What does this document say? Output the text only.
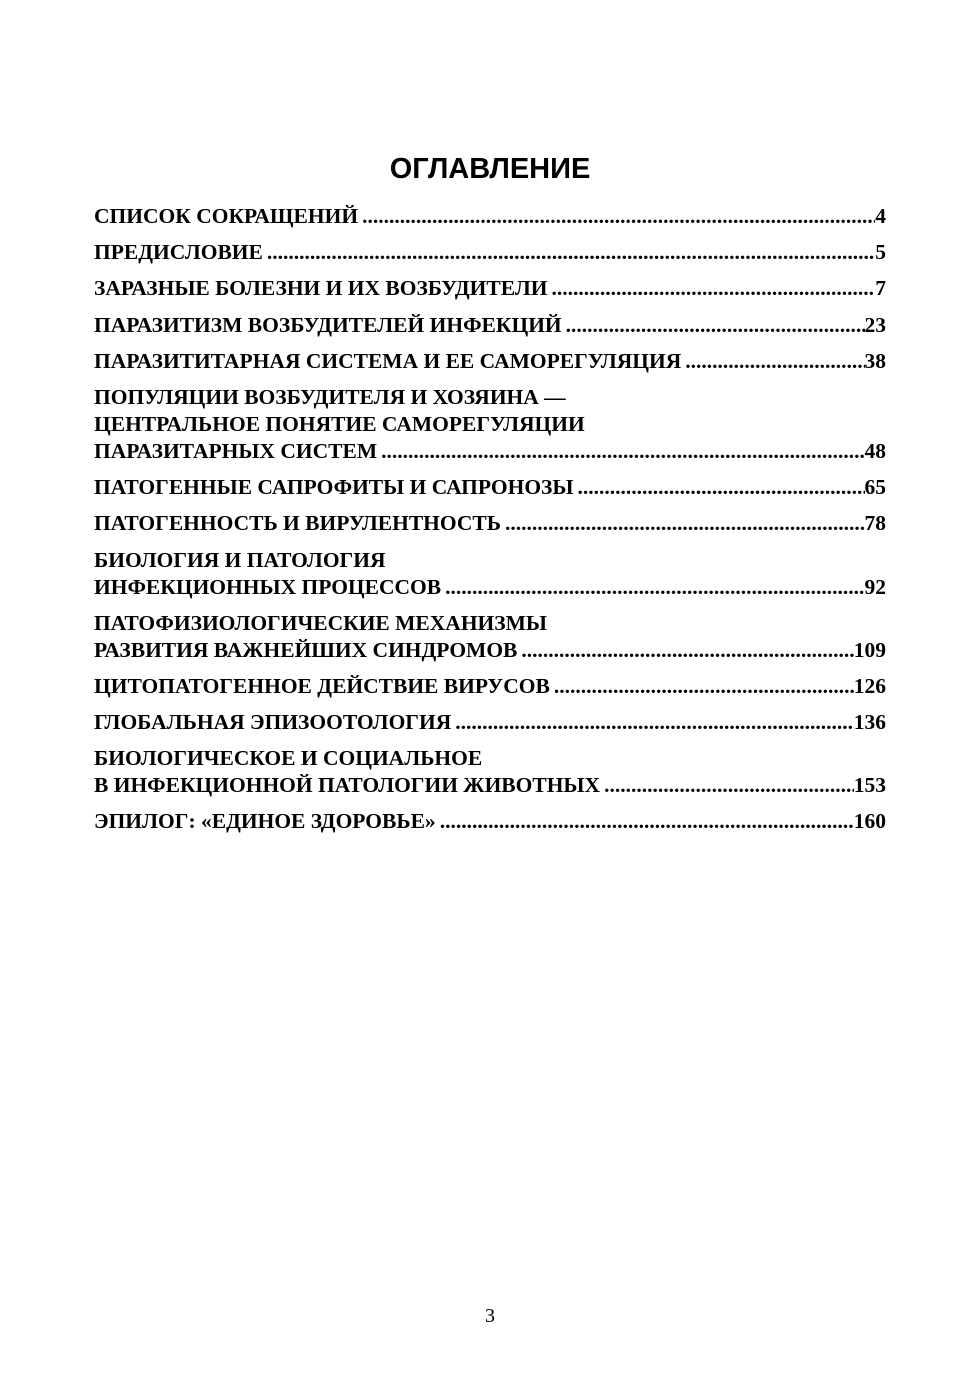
ОГЛАВЛЕНИЕ
СПИСОК СОКРАЩЕНИЙ .....	4
ПРЕДИСЛОВИЕ .....	5
ЗАРАЗНЫЕ БОЛЕЗНИ И ИХ ВОЗБУДИТЕЛИ .....	7
ПАРАЗИТИЗМ ВОЗБУДИТЕЛЕЙ ИНФЕКЦИЙ .....	23
ПАРАЗИТИТАРНАЯ СИСТЕМА И ЕЕ САМОРЕГУЛЯЦИЯ .....	38
ПОПУЛЯЦИИ ВОЗБУДИТЕЛЯ И ХОЗЯИНА —
ЦЕНТРАЛЬНОЕ ПОНЯТИЕ САМОРЕГУЛЯЦИИ
ПАРАЗИТАРНЫХ СИСТЕМ .....	48
ПАТОГЕННЫЕ САПРОФИТЫ И САПРОНОЗЫ .....	65
ПАТОГЕННОСТЬ И ВИРУЛЕНТНОСТЬ .....	78
БИОЛОГИЯ И ПАТОЛОГИЯ
ИНФЕКЦИОННЫХ ПРОЦЕССОВ .....	92
ПАТОФИЗИОЛОГИЧЕСКИЕ МЕХАНИЗМЫ
РАЗВИТИЯ ВАЖНЕЙШИХ СИНДРОМОВ .....	109
ЦИТОПАТОГЕННОЕ ДЕЙСТВИЕ ВИРУСОВ .....	126
ГЛОБАЛЬНАЯ ЭПИЗООТОЛОГИЯ .....	136
БИОЛОГИЧЕСКОЕ И СОЦИАЛЬНОЕ
В ИНФЕКЦИОННОЙ ПАТОЛОГИИ ЖИВОТНЫХ .....	153
ЭПИЛОГ: «ЕДИНОЕ ЗДОРОВЬЕ» .....	160
3
